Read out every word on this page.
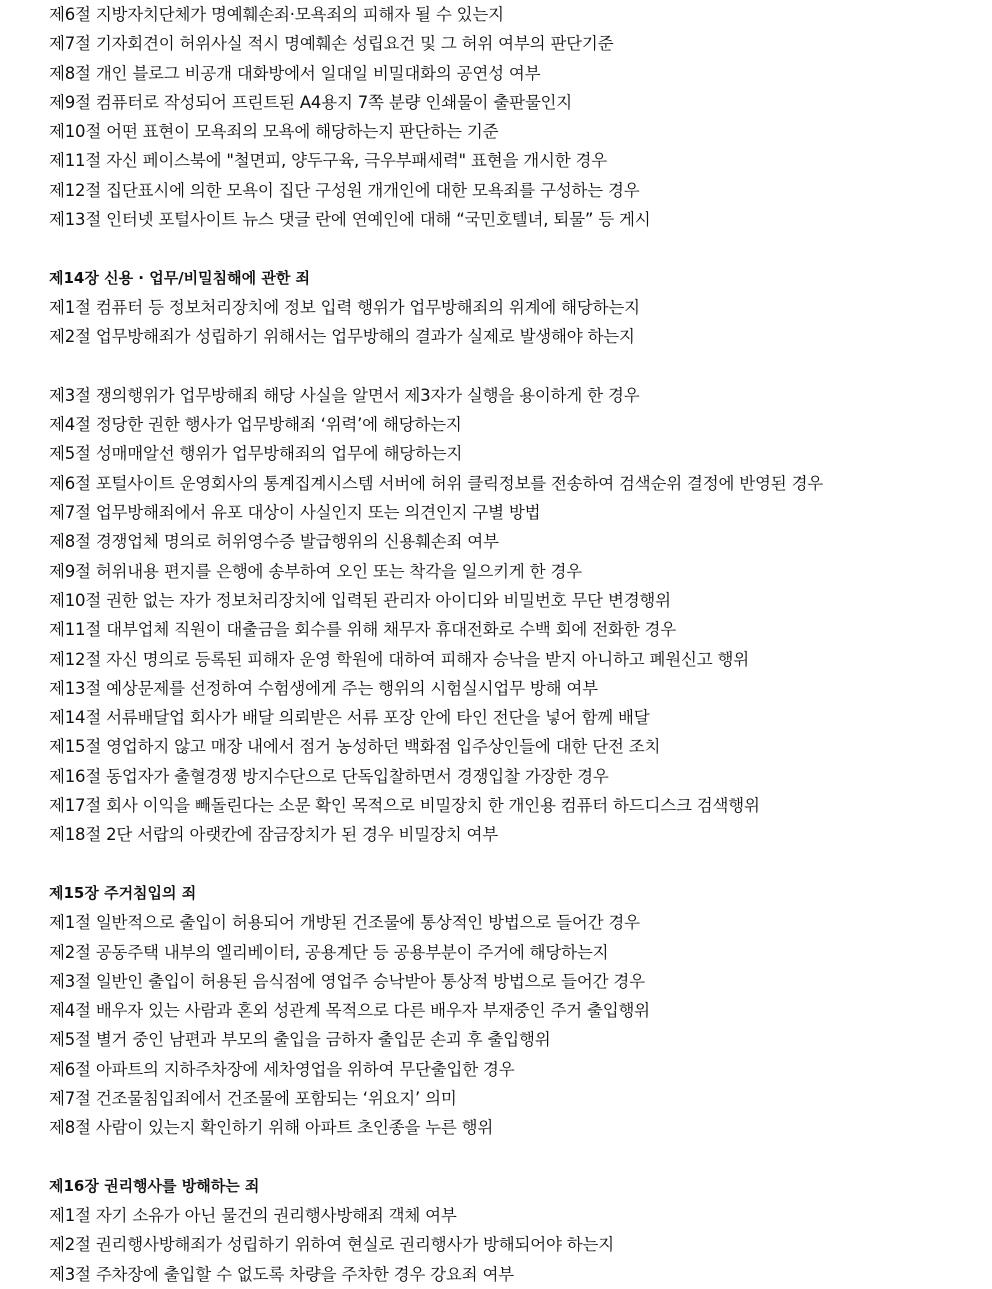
제6절 지방자치단체가 명예훼손죄·모욕죄의 피해자 될 수 있는지
제7절 기자회견이 허위사실 적시 명예훼손 성립요건 및 그 허위 여부의 판단기준
제8절 개인 블로그 비공개 대화방에서 일대일 비밀대화의 공연성 여부
제9절 컴퓨터로 작성되어 프린트된 A4용지 7쪽 분량 인쇄물이 출판물인지
제10절 어떤 표현이 모욕죄의 모욕에 해당하는지 판단하는 기준
제11절 자신 페이스북에 "철면피, 양두구육, 극우부패세력" 표현을 개시한 경우
제12절 집단표시에 의한 모욕이 집단 구성원 개개인에 대한 모욕죄를 구성하는 경우
제13절 인터넷 포털사이트 뉴스 댓글 란에 연예인에 대해 “국민호텔녀, 퇴물” 등 게시
제14장 신용 · 업무/비밀침해에 관한 죄
제1절 컴퓨터 등 정보처리장치에 정보 입력 행위가 업무방해죄의 위계에 해당하는지
제2절 업무방해죄가 성립하기 위해서는 업무방해의 결과가 실제로 발생해야 하는지
제3절 쟁의행위가 업무방해죄 해당 사실을 알면서 제3자가 실행을 용이하게 한 경우
제4절 정당한 권한 행사가 업무방해죄 ‘위력’에 해당하는지
제5절 성매매알선 행위가 업무방해죄의 업무에 해당하는지
제6절 포털사이트 운영회사의 통계집계시스템 서버에 허위 클릭정보를 전송하여 검색순위 결정에 반영된 경우
제7절 업무방해죄에서 유포 대상이 사실인지 또는 의견인지 구별 방법
제8절 경쟁업체 명의로 허위영수증 발급행위의 신용훼손죄 여부
제9절 허위내용 편지를 은행에 송부하여 오인 또는 착각을 일으키게 한 경우
제10절 권한 없는 자가 정보처리장치에 입력된 관리자 아이디와 비밀번호 무단 변경행위
제11절 대부업체 직원이 대출금을 회수를 위해 채무자 휴대전화로 수백 회에 전화한 경우
제12절 자신 명의로 등록된 피해자 운영 학원에 대하여 피해자 승낙을 받지 아니하고 폐원신고 행위
제13절 예상문제를 선정하여 수험생에게 주는 행위의 시험실시업무 방해 여부
제14절 서류배달업 회사가 배달 의뢰받은 서류 포장 안에 타인 전단을 넣어 함께 배달
제15절 영업하지 않고 매장 내에서 점거 농성하던 백화점 입주상인들에 대한 단전 조치
제16절 동업자가 출혈경쟁 방지수단으로 단독입찰하면서 경쟁입찰 가장한 경우
제17절 회사 이익을 빼돌린다는 소문 확인 목적으로 비밀장치 한 개인용 컴퓨터 하드디스크 검색행위
제18절 2단 서랍의 아랫칸에 잠금장치가 된 경우 비밀장치 여부
제15장 주거침입의 죄
제1절 일반적으로 출입이 허용되어 개방된 건조물에 통상적인 방법으로 들어간 경우
제2절 공동주택 내부의 엘리베이터, 공용계단 등 공용부분이 주거에 해당하는지
제3절 일반인 출입이 허용된 음식점에 영업주 승낙받아 통상적 방법으로 들어간 경우
제4절 배우자 있는 사람과 혼외 성관계 목적으로 다른 배우자 부재중인 주거 출입행위
제5절 별거 중인 남편과 부모의 출입을 금하자 출입문 손괴 후 출입행위
제6절 아파트의 지하주차장에 세차영업을 위하여 무단출입한 경우
제7절 건조물침입죄에서 건조물에 포함되는 ‘위요지’ 의미
제8절 사람이 있는지 확인하기 위해 아파트 초인종을 누른 행위
제16장 권리행사를 방해하는 죄
제1절 자기 소유가 아닌 물건의 권리행사방해죄 객체 여부
제2절 권리행사방해죄가 성립하기 위하여 현실로 권리행사가 방해되어야 하는지
제3절 주차장에 출입할 수 없도록 차량을 주차한 경우 강요죄 여부
